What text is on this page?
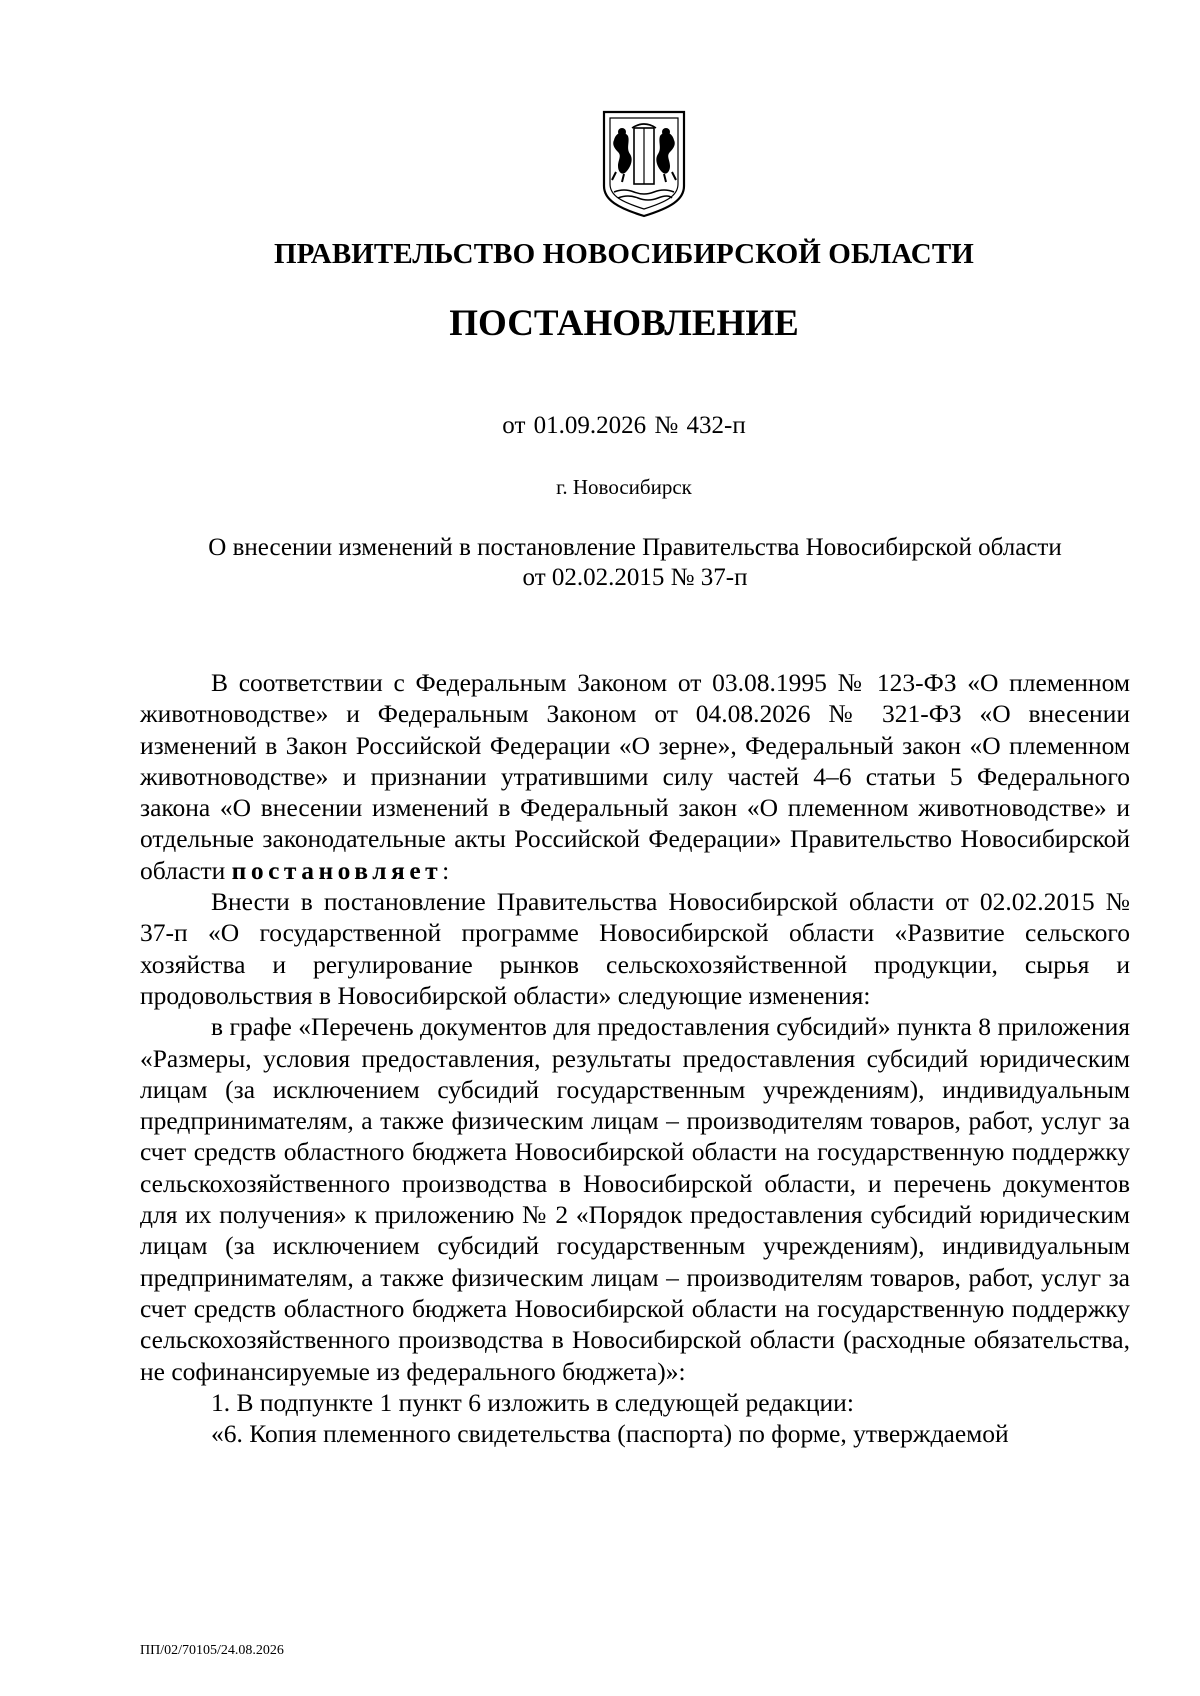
ПРАВИТЕЛЬСТВО НОВОСИБИРСКОЙ ОБЛАСТИ
ПОСТАНОВЛЕНИЕ
от 01.09.2026 № 432-п
г. Новосибирск
О внесении изменений в постановление Правительства Новосибирской области
от 02.02.2015 № 37-п

В соответствии с Федеральным Законом от 03.08.1995 № 123-ФЗ «О племенном животноводстве» и Федеральным Законом от 04.08.2026 № 321-ФЗ «О внесении изменений в Закон Российской Федерации «О зерне», Федеральный закон «О племенном животноводстве» и признании утратившими силу частей 4–6 статьи 5 Федерального закона «О внесении изменений в Федеральный закон «О племенном животноводстве» и отдельные законодательные акты Российской Федерации» Правительство Новосибирской области постановляет:

Внести в постановление Правительства Новосибирской области от 02.02.2015 № 37-п «О государственной программе Новосибирской области «Развитие сельского хозяйства и регулирование рынков сельскохозяйственной продукции, сырья и продовольствия в Новосибирской области» следующие изменения:

в графе «Перечень документов для предоставления субсидий» пункта 8 приложения «Размеры, условия предоставления, результаты предоставления субсидий юридическим лицам (за исключением субсидий государственным учреждениям), индивидуальным предпринимателям, а также физическим лицам – производителям товаров, работ, услуг за счет средств областного бюджета Новосибирской области на государственную поддержку сельскохозяйственного производства в Новосибирской области, и перечень документов для их получения» к приложению № 2 «Порядок предоставления субсидий юридическим лицам (за исключением субсидий государственным учреждениям), индивидуальным предпринимателям, а также физическим лицам – производителям товаров, работ, услуг за счет средств областного бюджета Новосибирской области на государственную поддержку сельскохозяйственного производства в Новосибирской области (расходные обязательства, не софинансируемые из федерального бюджета)»:

1. В подпункте 1 пункт 6 изложить в следующей редакции:

«6. Копия племенного свидетельства (паспорта) по форме, утверждаемой

ПП/02/70105/24.08.2026
